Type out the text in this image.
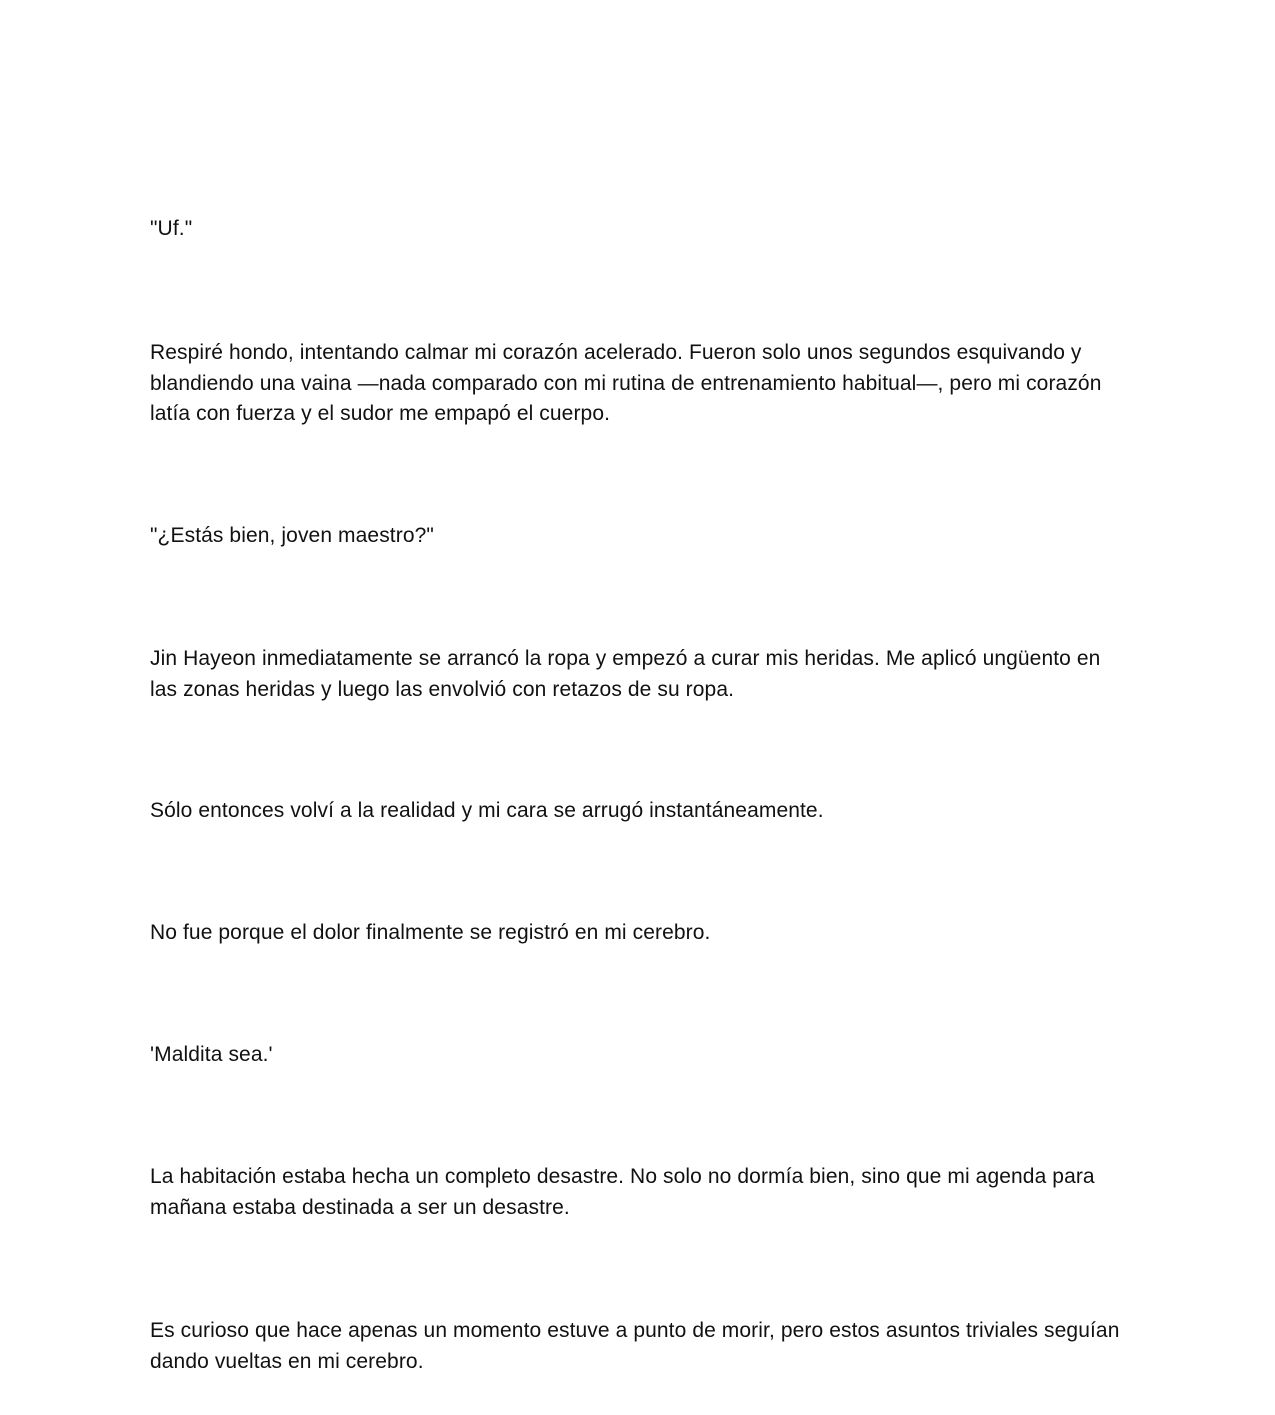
"Uf."

Respiré hondo, intentando calmar mi corazón acelerado. Fueron solo unos segundos esquivando y blandiendo una vaina —nada comparado con mi rutina de entrenamiento habitual—, pero mi corazón latía con fuerza y el sudor me empapó el cuerpo.

"¿Estás bien, joven maestro?"

Jin Hayeon inmediatamente se arrancó la ropa y empezó a curar mis heridas. Me aplicó ungüento en las zonas heridas y luego las envolvió con retazos de su ropa.

Sólo entonces volví a la realidad y mi cara se arrugó instantáneamente.

No fue porque el dolor finalmente se registró en mi cerebro.

'Maldita sea.'

La habitación estaba hecha un completo desastre. No solo no dormía bien, sino que mi agenda para mañana estaba destinada a ser un desastre.

Es curioso que hace apenas un momento estuve a punto de morir, pero estos asuntos triviales seguían dando vueltas en mi cerebro.
